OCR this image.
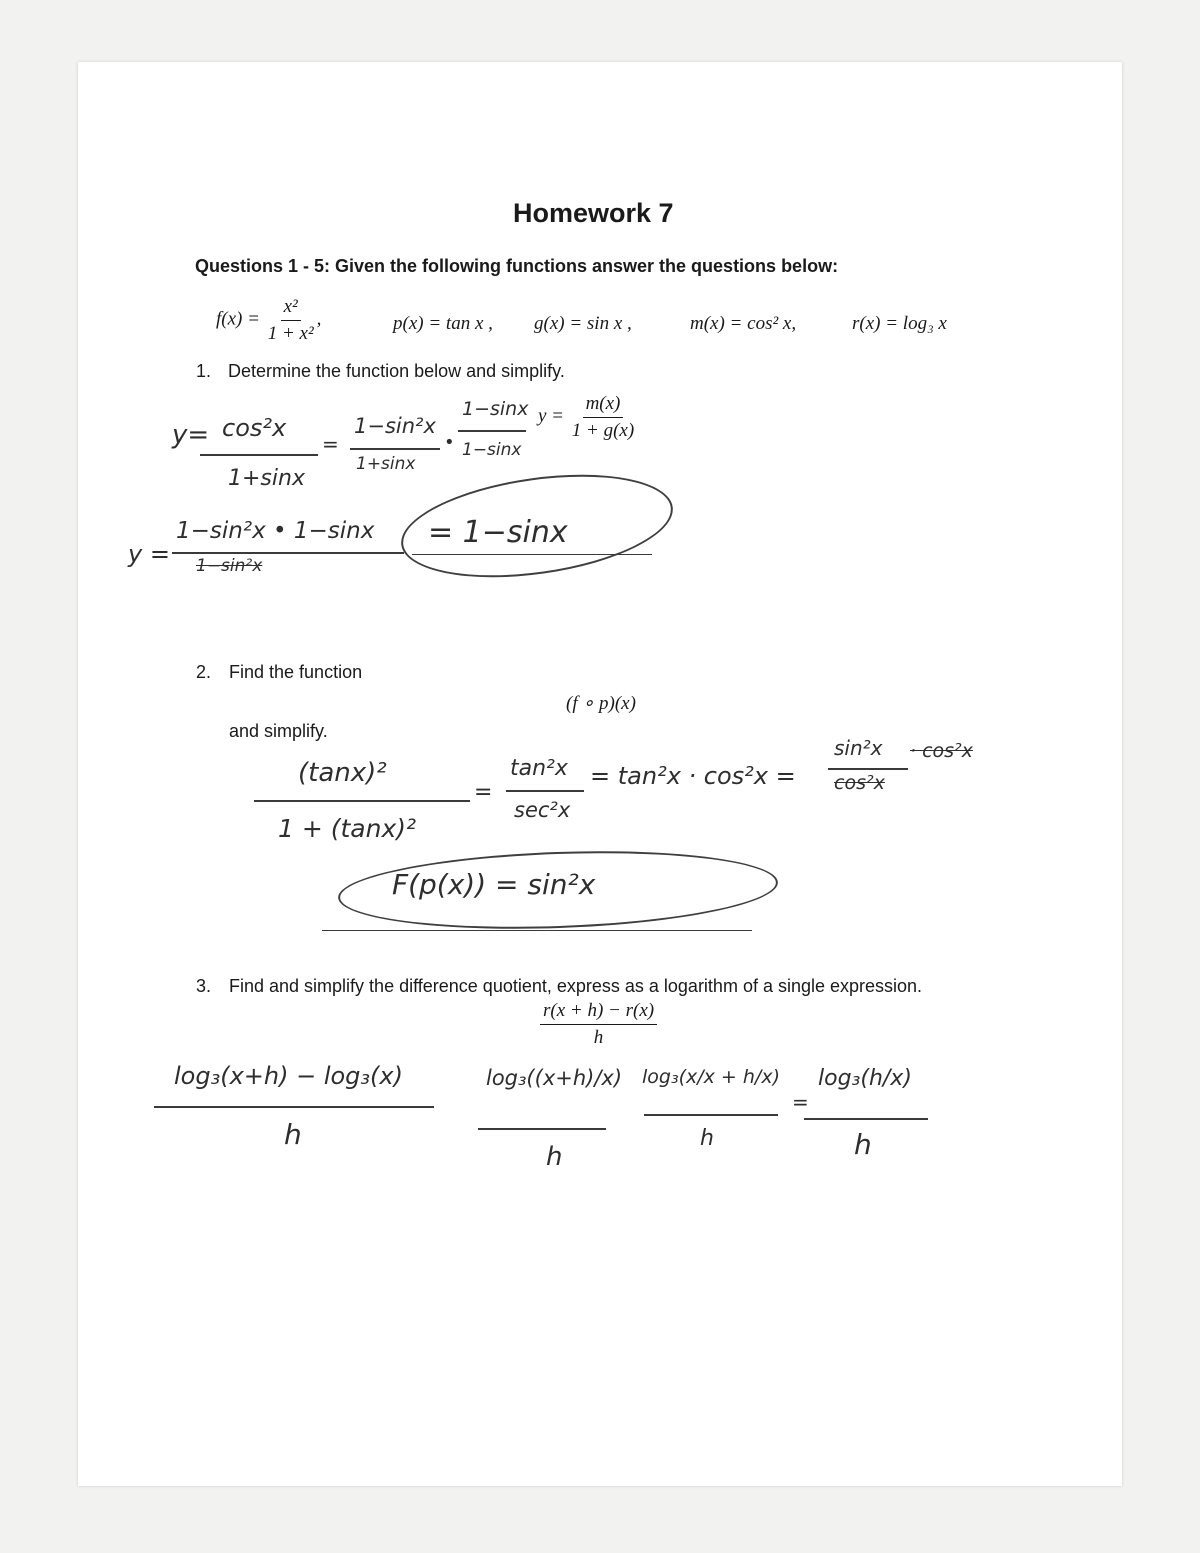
Homework 7
Questions 1 - 5: Given the following functions answer the questions below:
$f(x) = \frac{\text{x²}}{\text{1 + x²}}$ ,	p(x) = tan x , g(x) = sin x ,	m(x) = cos² x,	r(x) = log₃ x
1. Determine the function below and simplify.
$y = \frac{m(x)}{1 + g(x)}$
y= cos²x
1+sinx
=
1−sin²x
1+sinx
•
1−sinx
1−sinx
y =
1−sin²x • 1−sinx
1−sin²x
= 1−sinx
2. Find the function
(f ∘ p)(x)
and simplify.
(tanx)²
1 + (tanx)²
=
tan²x
sec²x
= tan²x · cos²x =
sin²x
cos²x
· cos²x
F(p(x)) = sin²x
3. Find and simplify the difference quotient, express as a logarithm of a single expression.
$\frac{r(x + h) - r(x)}{h}$
log₃(x+h) − log₃(x)
h
log₃((x+h)/x)
h
log₃(x/x + h/x)
h
=
log₃(h/x)
h
